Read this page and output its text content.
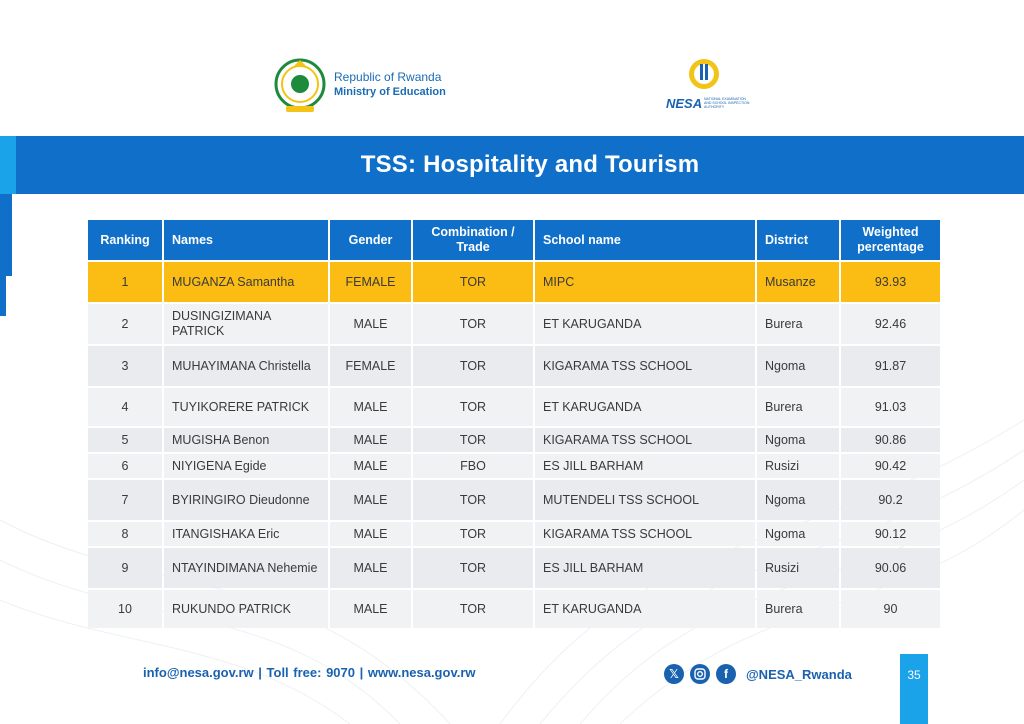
Republic of Rwanda
Ministry of Education
NESA NATIONAL EXAMINATION AND SCHOOL INSPECTION AUTHORITY
TSS: Hospitality and Tourism
Ranking	Names	Gender	Combination / Trade	School name	District	Weighted percentage
1	MUGANZA Samantha	FEMALE	TOR	MIPC	Musanze	93.93
2	DUSINGIZIMANA PATRICK	MALE	TOR	ET KARUGANDA	Burera	92.46
3	MUHAYIMANA Christella	FEMALE	TOR	KIGARAMA TSS SCHOOL	Ngoma	91.87
4	TUYIKORERE PATRICK	MALE	TOR	ET KARUGANDA	Burera	91.03
5	MUGISHA Benon	MALE	TOR	KIGARAMA TSS SCHOOL	Ngoma	90.86
6	NIYIGENA Egide	MALE	FBO	ES JILL BARHAM	Rusizi	90.42
7	BYIRINGIRO Dieudonne	MALE	TOR	MUTENDELI TSS SCHOOL	Ngoma	90.2
8	ITANGISHAKA Eric	MALE	TOR	KIGARAMA TSS SCHOOL	Ngoma	90.12
9	NTAYINDIMANA Nehemie	MALE	TOR	ES JILL BARHAM	Rusizi	90.06
10	RUKUNDO PATRICK	MALE	TOR	ET KARUGANDA	Burera	90
info@nesa.gov.rw | Toll free: 9070 | www.nesa.gov.rw	𝕏	f	@NESA_Rwanda	35
